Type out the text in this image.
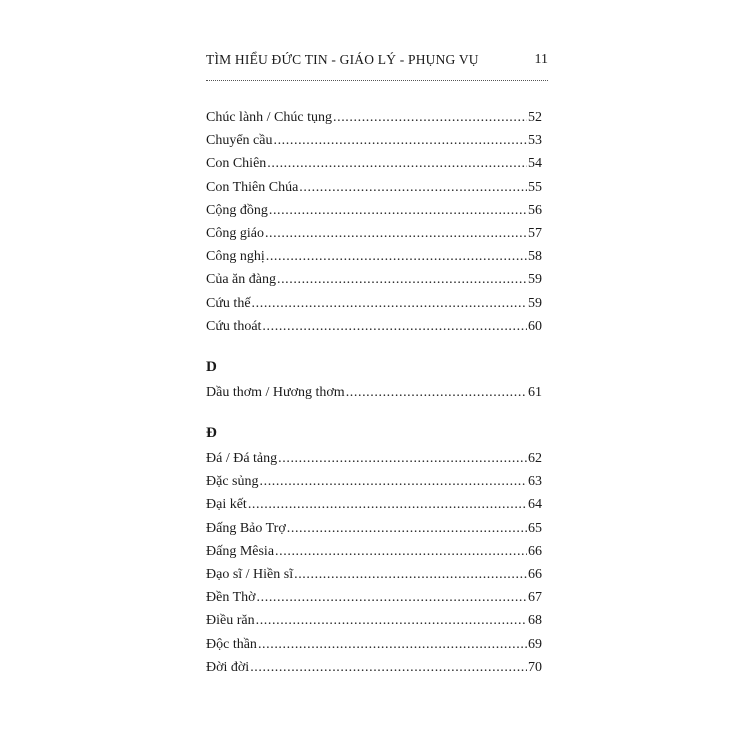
TÌM HIỂU ĐỨC TIN - GIÁO LÝ - PHỤNG VỤ	11
Chúc lành / Chúc tụng .....	52
Chuyển cầu .....	53
Con Chiên .....	54
Con Thiên Chúa .....	55
Cộng đồng .....	56
Công giáo .....	57
Công nghị .....	58
Của ăn đàng .....	59
Cứu thế .....	59
Cứu thoát .....	60
D
Dầu thơm / Hương thơm .....	61
Đ
Đá / Đá tảng .....	62
Đặc sủng .....	63
Đại kết .....	64
Đấng Bảo Trợ .....	65
Đấng Mêsia .....	66
Đạo sĩ / Hiền sĩ .....	66
Đền Thờ .....	67
Điều răn .....	68
Độc thần .....	69
Đời đời .....	70
